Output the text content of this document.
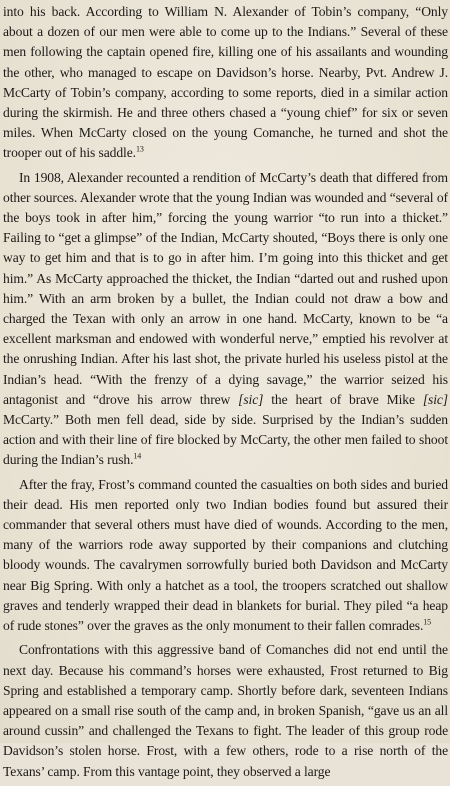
into his back. According to William N. Alexander of Tobin’s company, “Only about a dozen of our men were able to come up to the Indians.” Several of these men following the captain opened fire, killing one of his assailants and wounding the other, who managed to escape on Davidson’s horse. Nearby, Pvt. Andrew J. McCarty of Tobin’s company, according to some reports, died in a similar action during the skirmish. He and three others chased a “young chief” for six or seven miles. When McCarty closed on the young Comanche, he turned and shot the trooper out of his saddle.$^{13}$

In 1908, Alexander recounted a rendition of McCarty’s death that differed from other sources. Alexander wrote that the young Indian was wounded and “several of the boys took in after him,” forcing the young warrior “to run into a thicket.” Failing to “get a glimpse” of the Indian, McCarty shouted, “Boys there is only one way to get him and that is to go in after him. I’m going into this thicket and get him.” As McCarty approached the thicket, the Indian “darted out and rushed upon him.” With an arm broken by a bullet, the Indian could not draw a bow and charged the Texan with only an arrow in one hand. McCarty, known to be “a excellent marksman and endowed with wonderful nerve,” emptied his revolver at the onrushing Indian. After his last shot, the private hurled his useless pistol at the Indian’s head. “With the frenzy of a dying savage,” the warrior seized his antagonist and “drove his arrow threw [sic] the heart of brave Mike [sic] McCarty.” Both men fell dead, side by side. Surprised by the Indian’s sudden action and with their line of fire blocked by McCarty, the other men failed to shoot during the Indian’s rush.$^{14}$

After the fray, Frost’s command counted the casualties on both sides and buried their dead. His men reported only two Indian bodies found but assured their commander that several others must have died of wounds. According to the men, many of the warriors rode away supported by their companions and clutching bloody wounds. The cavalrymen sorrowfully buried both Davidson and McCarty near Big Spring. With only a hatchet as a tool, the troopers scratched out shallow graves and tenderly wrapped their dead in blankets for burial. They piled “a heap of rude stones” over the graves as the only monument to their fallen comrades.$^{15}$

Confrontations with this aggressive band of Comanches did not end until the next day. Because his command’s horses were exhausted, Frost returned to Big Spring and established a temporary camp. Shortly before dark, seventeen Indians appeared on a small rise south of the camp and, in broken Spanish, “gave us an all around cussin” and challenged the Texans to fight. The leader of this group rode Davidson’s stolen horse. Frost, with a few others, rode to a rise north of the Texans’ camp. From this vantage point, they observed a large
